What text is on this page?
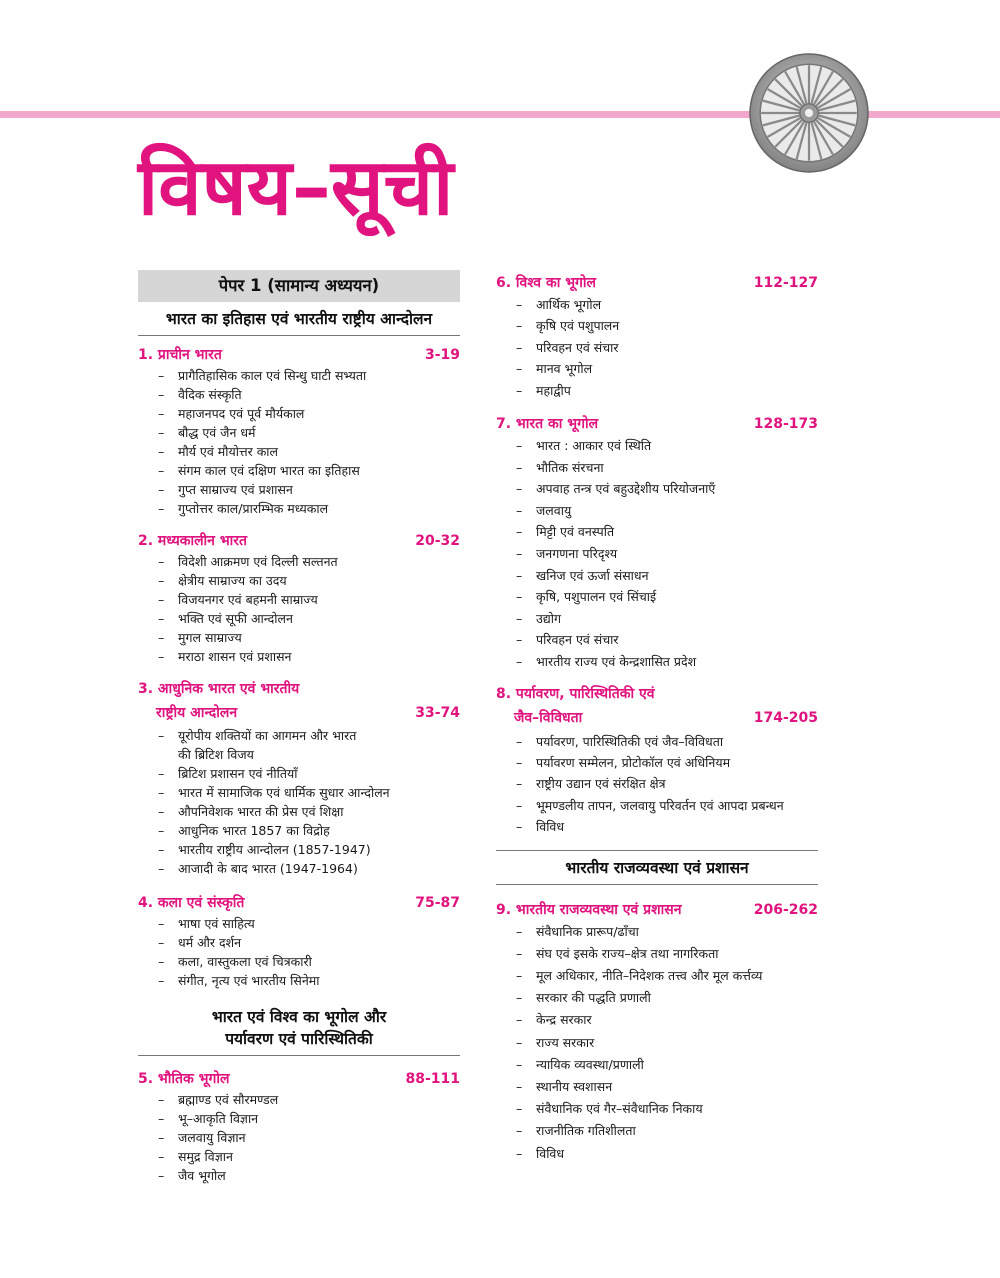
विषय–सूची
पेपर 1 (सामान्य अध्ययन)
भारत का इतिहास एवं भारतीय राष्ट्रीय आन्दोलन
1. प्राचीन भारत	3-19
– प्रागैतिहासिक काल एवं सिन्धु घाटी सभ्यता
– वैदिक संस्कृति
– महाजनपद एवं पूर्व मौर्यकाल
– बौद्ध एवं जैन धर्म
– मौर्य एवं मौयोत्तर काल
– संगम काल एवं दक्षिण भारत का इतिहास
– गुप्त साम्राज्य एवं प्रशासन
– गुप्तोत्तर काल/प्रारम्भिक मध्यकाल
2. मध्यकालीन भारत	20-32
– विदेशी आक्रमण एवं दिल्ली सल्तनत
– क्षेत्रीय साम्राज्य का उदय
– विजयनगर एवं बहमनी साम्राज्य
– भक्ति एवं सूफी आन्दोलन
– मुगल साम्राज्य
– मराठा शासन एवं प्रशासन
3. आधुनिक भारत एवं भारतीय
राष्ट्रीय आन्दोलन	33-74
– यूरोपीय शक्तियों का आगमन और भारत
की ब्रिटिश विजय
– ब्रिटिश प्रशासन एवं नीतियाँ
– भारत में सामाजिक एवं धार्मिक सुधार आन्दोलन
– औपनिवेशक भारत की प्रेस एवं शिक्षा
– आधुनिक भारत 1857 का विद्रोह
– भारतीय राष्ट्रीय आन्दोलन (1857-1947)
– आजादी के बाद भारत (1947-1964)
4. कला एवं संस्कृति	75-87
– भाषा एवं साहित्य
– धर्म और दर्शन
– कला, वास्तुकला एवं चित्रकारी
– संगीत, नृत्य एवं भारतीय सिनेमा
भारत एवं विश्व का भूगोल और
पर्यावरण एवं पारिस्थितिकी
5. भौतिक भूगोल	88-111
– ब्रह्माण्ड एवं सौरमण्डल
– भू–आकृति विज्ञान
– जलवायु विज्ञान
– समुद्र विज्ञान
– जैव भूगोल
6. विश्व का भूगोल	112-127
– आर्थिक भूगोल
– कृषि एवं पशुपालन
– परिवहन एवं संचार
– मानव भूगोल
– महाद्वीप
7. भारत का भूगोल	128-173
– भारत : आकार एवं स्थिति
– भौतिक संरचना
– अपवाह तन्त्र एवं बहुउद्देशीय परियोजनाएँ
– जलवायु
– मिट्टी एवं वनस्पति
– जनगणना परिदृश्य
– खनिज एवं ऊर्जा संसाधन
– कृषि, पशुपालन एवं सिंचाई
– उद्योग
– परिवहन एवं संचार
– भारतीय राज्य एवं केन्द्रशासित प्रदेश
8. पर्यावरण, पारिस्थितिकी एवं
जैव–विविधता	174-205
– पर्यावरण, पारिस्थितिकी एवं जैव–विविधता
– पर्यावरण सम्मेलन, प्रोटोकॉल एवं अधिनियम
– राष्ट्रीय उद्यान एवं संरक्षित क्षेत्र
– भूमण्डलीय तापन, जलवायु परिवर्तन एवं आपदा प्रबन्धन
– विविध
भारतीय राजव्यवस्था एवं प्रशासन
9. भारतीय राजव्यवस्था एवं प्रशासन	206-262
– संवैधानिक प्रारूप/ढाँचा
– संघ एवं इसके राज्य–क्षेत्र तथा नागरिकता
– मूल अधिकार, नीति–निदेशक तत्त्व और मूल कर्त्तव्य
– सरकार की पद्धति प्रणाली
– केन्द्र सरकार
– राज्य सरकार
– न्यायिक व्यवस्था/प्रणाली
– स्थानीय स्वशासन
– संवैधानिक एवं गैर–संवैधानिक निकाय
– राजनीतिक गतिशीलता
– विविध
